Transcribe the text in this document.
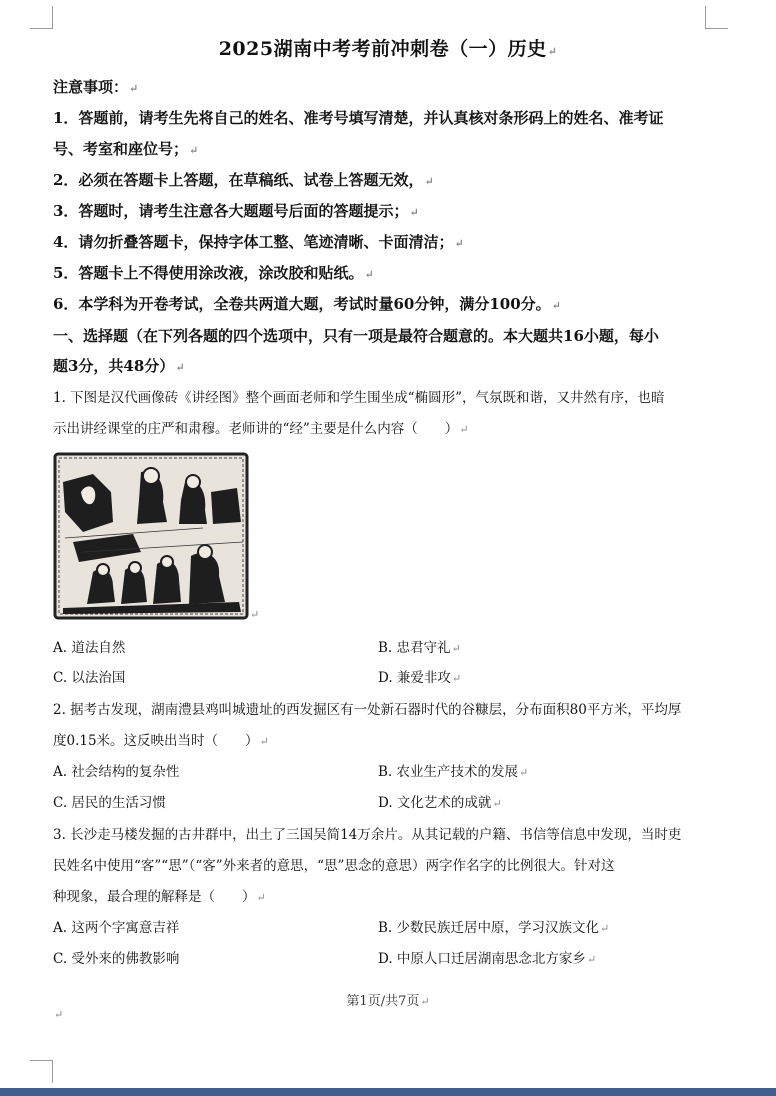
2025湖南中考考前冲刺卷（一）历史↵
注意事项：↵
1．答题前，请考生先将自己的姓名、准考号填写清楚，并认真核对条形码上的姓名、准考证
号、考室和座位号；↵
2．必须在答题卡上答题，在草稿纸、试卷上答题无效，↵
3．答题时，请考生注意各大题题号后面的答题提示；↵
4．请勿折叠答题卡，保持字体工整、笔迹清晰、卡面清洁；↵
5．答题卡上不得使用涂改液，涂改胶和贴纸。↵
6．本学科为开卷考试，全卷共两道大题，考试时量60分钟，满分100分。↵
一、选择题（在下列各题的四个选项中，只有一项是最符合题意的。本大题共16小题，每小
题3分，共48分）↵
1. 下图是汉代画像砖《讲经图》整个画面老师和学生围坐成“椭圆形”，气氛既和谐，又井然有序，也暗
示出讲经课堂的庄严和肃穆。老师讲的“经”主要是什么内容（　　）↵
↵
A. 道法自然	B. 忠君守礼↵
C. 以法治国	D. 兼爱非攻↵
2. 据考古发现，湖南澧县鸡叫城遗址的西发掘区有一处新石器时代的谷糠层，分布面积80平方米，平均厚
度0.15米。这反映出当时（　　）↵
A. 社会结构的复杂性	B. 农业生产技术的发展↵
C. 居民的生活习惯	D. 文化艺术的成就↵
3. 长沙走马楼发掘的古井群中，出土了三国吴简14万余片。从其记载的户籍、书信等信息中发现，当时吏
民姓名中使用“客”“思”（“客”外来者的意思，“思”思念的意思）两字作名字的比例很大。针对这
种现象，最合理的解释是（　　）↵
A. 这两个字寓意吉祥	B. 少数民族迁居中原，学习汉族文化↵
C. 受外来的佛教影响	D. 中原人口迁居湖南思念北方家乡↵
第1页/共7页↵
↵
